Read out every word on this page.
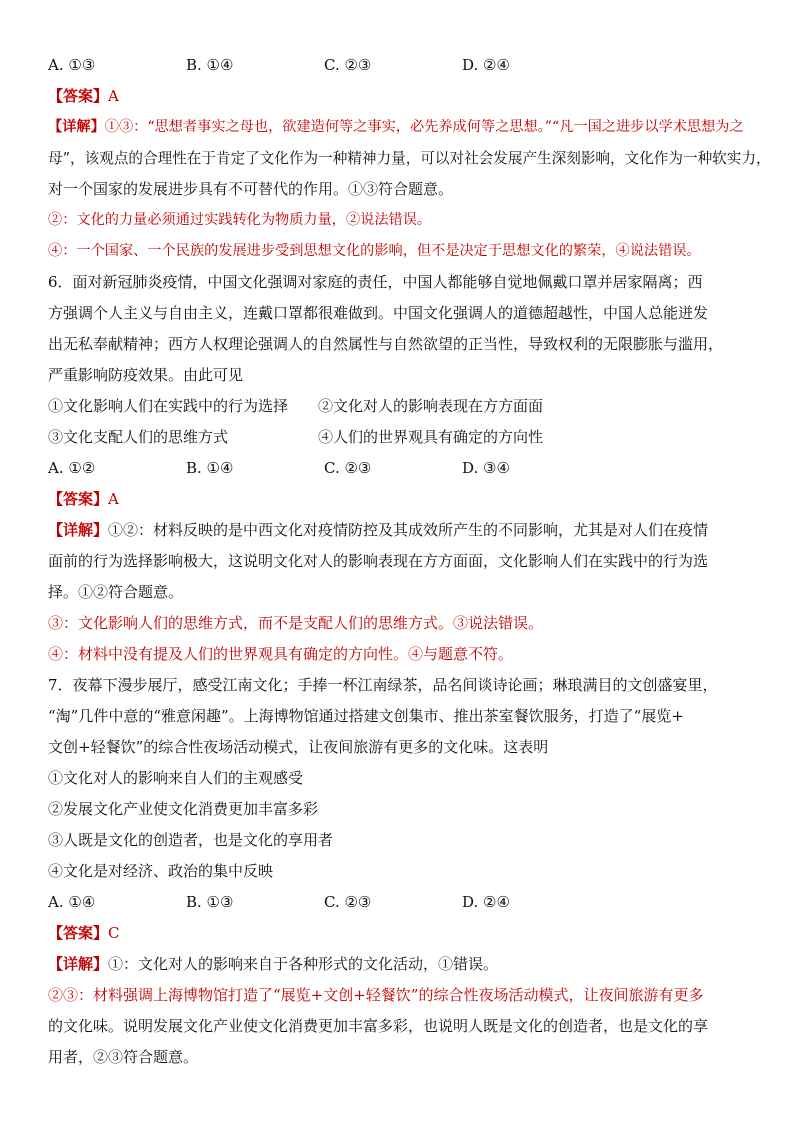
A. ①③	B. ①④	C. ②③	D. ②④
【答案】A
【详解】①③：“思想者事实之母也，欲建造何等之事实，必先养成何等之思想。”“凡一国之进步以学术思想为之
母”，该观点的合理性在于肯定了文化作为一种精神力量，可以对社会发展产生深刻影响，文化作为一种软实力，
对一个国家的发展进步具有不可替代的作用。①③符合题意。
②：文化的力量必须通过实践转化为物质力量，②说法错误。
④：一个国家、一个民族的发展进步受到思想文化的影响，但不是决定于思想文化的繁荣，④说法错误。
6．面对新冠肺炎疫情，中国文化强调对家庭的责任，中国人都能够自觉地佩戴口罩并居家隔离；西
方强调个人主义与自由主义，连戴口罩都很难做到。中国文化强调人的道德超越性，中国人总能迸发
出无私奉献精神；西方人权理论强调人的自然属性与自然欲望的正当性，导致权利的无限膨胀与滥用，
严重影响防疫效果。由此可见
①文化影响人们在实践中的行为选择	②文化对人的影响表现在方方面面
③文化支配人们的思维方式	④人们的世界观具有确定的方向性
A. ①②	B. ①④	C. ②③	D. ③④
【答案】A
【详解】①②：材料反映的是中西文化对疫情防控及其成效所产生的不同影响，尤其是对人们在疫情
面前的行为选择影响极大，这说明文化对人的影响表现在方方面面，文化影响人们在实践中的行为选
择。①②符合题意。
③：文化影响人们的思维方式，而不是支配人们的思维方式。③说法错误。
④：材料中没有提及人们的世界观具有确定的方向性。④与题意不符。
7．夜幕下漫步展厅，感受江南文化；手捧一杯江南绿茶，品名间谈诗论画；琳琅满目的文创盛宴里，
“淘”几件中意的“雅意闲趣”。上海博物馆通过搭建文创集市、推出茶室餐饮服务，打造了“展览+
文创+轻餐饮”的综合性夜场活动模式，让夜间旅游有更多的文化味。这表明
①文化对人的影响来自人们的主观感受
②发展文化产业使文化消费更加丰富多彩
③人既是文化的创造者，也是文化的享用者
④文化是对经济、政治的集中反映
A. ①④	B. ①③	C. ②③	D. ②④
【答案】C
【详解】①：文化对人的影响来自于各种形式的文化活动，①错误。
②③：材料强调上海博物馆打造了“展览+文创+轻餐饮”的综合性夜场活动模式，让夜间旅游有更多
的文化味。说明发展文化产业使文化消费更加丰富多彩，也说明人既是文化的创造者，也是文化的享
用者，②③符合题意。
